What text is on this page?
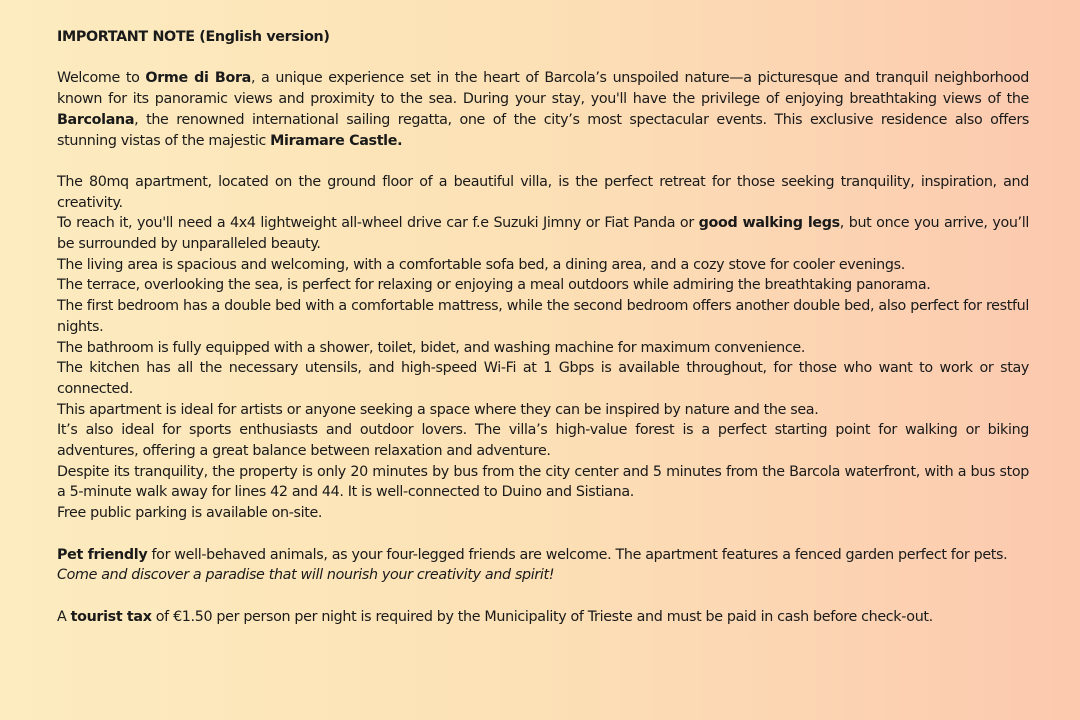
IMPORTANT NOTE (English version)

Welcome to Orme di Bora, a unique experience set in the heart of Barcola’s unspoiled nature—a picturesque and tranquil neighborhood known for its panoramic views and proximity to the sea. During your stay, you'll have the privilege of enjoying breathtaking views of the Barcolana, the renowned international sailing regatta, one of the city’s most spectacular events. This exclusive residence also offers stunning vistas of the majestic Miramare Castle.

The 80mq apartment, located on the ground floor of a beautiful villa, is the perfect retreat for those seeking tranquility, inspiration, and creativity.

To reach it, you'll need a 4x4 lightweight all-wheel drive car f.e Suzuki Jimny or Fiat Panda or good walking legs, but once you arrive, you’ll be surrounded by unparalleled beauty.

The living area is spacious and welcoming, with a comfortable sofa bed, a dining area, and a cozy stove for cooler evenings.

The terrace, overlooking the sea, is perfect for relaxing or enjoying a meal outdoors while admiring the breathtaking panorama.

The first bedroom has a double bed with a comfortable mattress, while the second bedroom offers another double bed, also perfect for restful nights.

The bathroom is fully equipped with a shower, toilet, bidet, and washing machine for maximum convenience.

The kitchen has all the necessary utensils, and high-speed Wi-Fi at 1 Gbps is available throughout, for those who want to work or stay connected.

This apartment is ideal for artists or anyone seeking a space where they can be inspired by nature and the sea.

It’s also ideal for sports enthusiasts and outdoor lovers. The villa’s high-value forest is a perfect starting point for walking or biking adventures, offering a great balance between relaxation and adventure.

Despite its tranquility, the property is only 20 minutes by bus from the city center and 5 minutes from the Barcola waterfront, with a bus stop a 5-minute walk away for lines 42 and 44. It is well-connected to Duino and Sistiana.

Free public parking is available on-site.

Pet friendly for well-behaved animals, as your four-legged friends are welcome. The apartment features a fenced garden perfect for pets.

Come and discover a paradise that will nourish your creativity and spirit!

A tourist tax of €1.50 per person per night is required by the Municipality of Trieste and must be paid in cash before check-out.
